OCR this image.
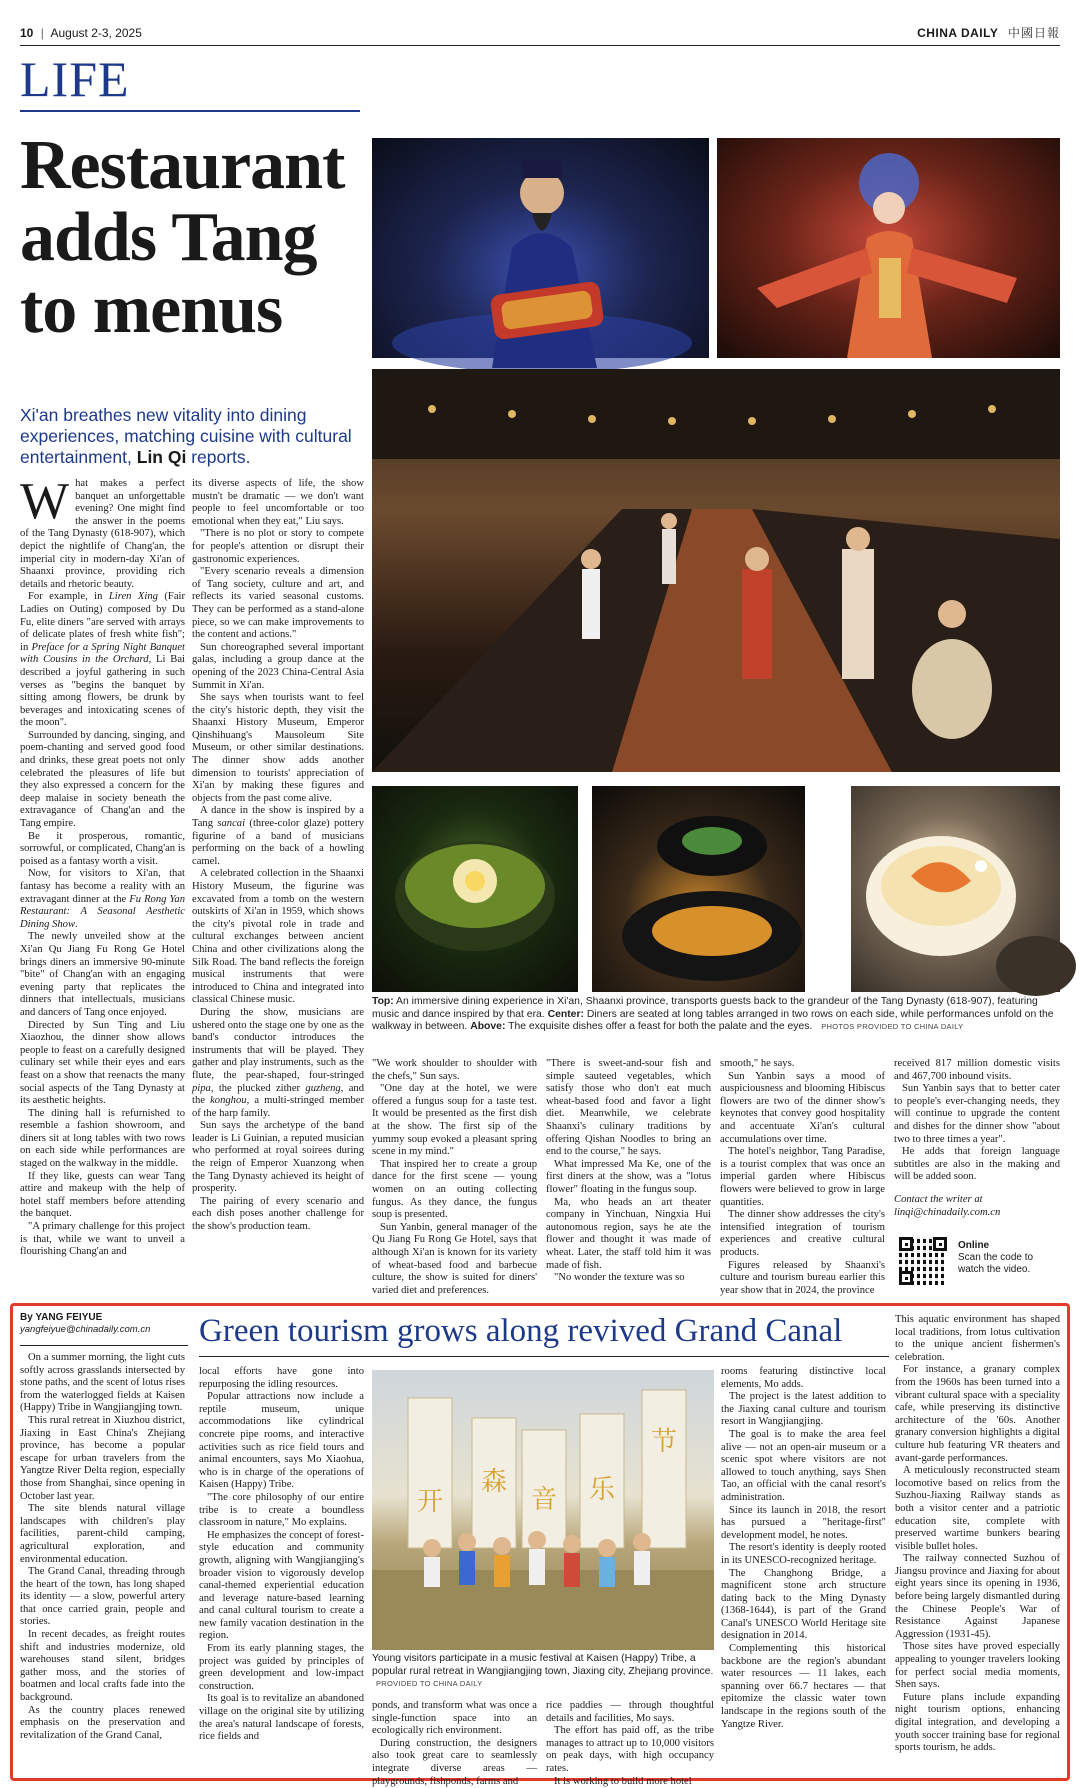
10 | August 2-3, 2025	CHINA DAILY 中國日報
LIFE
Restaurant adds Tang to menus
Xi'an breathes new vitality into dining experiences, matching cuisine with cultural entertainment, Lin Qi reports.

What makes a perfect banquet an unforgettable evening? One might find the answer in the poems of the Tang Dynasty (618-907), which depict the nightlife of Chang'an, the imperial city in modern-day Xi'an of Shaanxi province, providing rich details and rhetoric beauty.

For example, in Liren Xing (Fair Ladies on Outing) composed by Du Fu, elite diners "are served with arrays of delicate plates of fresh white fish"; in Preface for a Spring Night Banquet with Cousins in the Orchard, Li Bai described a joyful gathering in such verses as "begins the banquet by sitting among flowers, be drunk by beverages and intoxicating scenes of the moon".

Surrounded by dancing, singing, and poem-chanting and served good food and drinks, these great poets not only celebrated the pleasures of life but they also expressed a concern for the deep malaise in society beneath the extravagance of Chang'an and the Tang empire.

Be it prosperous, romantic, sorrowful, or complicated, Chang'an is poised as a fantasy worth a visit.

Now, for visitors to Xi'an, that fantasy has become a reality with an extravagant dinner at the Fu Rong Yan Restaurant: A Seasonal Aesthetic Dining Show.

The newly unveiled show at the Xi'an Qu Jiang Fu Rong Ge Hotel brings diners an immersive 90-minute "bite" of Chang'an with an engaging evening party that replicates the dinners that intellectuals, musicians and dancers of Tang once enjoyed.

Directed by Sun Ting and Liu Xiaozhou, the dinner show allows people to feast on a carefully designed culinary set while their eyes and ears feast on a show that reenacts the many social aspects of the Tang Dynasty at its aesthetic heights.

The dining hall is refurnished to resemble a fashion showroom, and diners sit at long tables with two rows on each side while performances are staged on the walkway in the middle.

If they like, guests can wear Tang attire and makeup with the help of hotel staff members before attending the banquet.

"A primary challenge for this project is that, while we want to unveil a flourishing Chang'an and

its diverse aspects of life, the show mustn't be dramatic — we don't want people to feel uncomfortable or too emotional when they eat," Liu says.

"There is no plot or story to compete for people's attention or disrupt their gastronomic experiences.

"Every scenario reveals a dimension of Tang society, culture and art, and reflects its varied seasonal customs. They can be performed as a stand-alone piece, so we can make improvements to the content and actions."

Sun choreographed several important galas, including a group dance at the opening of the 2023 China-Central Asia Summit in Xi'an.

She says when tourists want to feel the city's historic depth, they visit the Shaanxi History Museum, Emperor Qinshihuang's Mausoleum Site Museum, or other similar destinations. The dinner show adds another dimension to tourists' appreciation of Xi'an by making these figures and objects from the past come alive.

A dance in the show is inspired by a Tang sancai (three-color glaze) pottery figurine of a band of musicians performing on the back of a howling camel.

A celebrated collection in the Shaanxi History Museum, the figurine was excavated from a tomb on the western outskirts of Xi'an in 1959, which shows the city's pivotal role in trade and cultural exchanges between ancient China and other civilizations along the Silk Road. The band reflects the foreign musical instruments that were introduced to China and integrated into classical Chinese music.

During the show, musicians are ushered onto the stage one by one as the band's conductor introduces the instruments that will be played. They gather and play instruments, such as the flute, the pear-shaped, four-stringed pipa, the plucked zither guzheng, and the konghou, a multi-stringed member of the harp family.

Sun says the archetype of the band leader is Li Guinian, a reputed musician who performed at royal soirees during the reign of Emperor Xuanzong when the Tang Dynasty achieved its height of prosperity.

The pairing of every scenario and each dish poses another challenge for the show's production team.

Top: An immersive dining experience in Xi'an, Shaanxi province, transports guests back to the grandeur of the Tang Dynasty (618-907), featuring music and dance inspired by that era. Center: Diners are seated at long tables arranged in two rows on each side, while performances unfold on the walkway in between. Above: The exquisite dishes offer a feast for both the palate and the eyes. PHOTOS PROVIDED TO CHINA DAILY

"We work shoulder to shoulder with the chefs," Sun says.

"One day at the hotel, we were offered a fungus soup for a taste test. It would be presented as the first dish at the show. The first sip of the yummy soup evoked a pleasant spring scene in my mind."

That inspired her to create a group dance for the first scene — young women on an outing collecting fungus. As they dance, the fungus soup is presented.

Sun Yanbin, general manager of the Qu Jiang Fu Rong Ge Hotel, says that although Xi'an is known for its variety of wheat-based food and barbecue culture, the show is suited for diners' varied diet and preferences.

"There is sweet-and-sour fish and simple sauteed vegetables, which satisfy those who don't eat much wheat-based food and favor a light diet. Meanwhile, we celebrate Shaanxi's culinary traditions by offering Qishan Noodles to bring an end to the course," he says.

What impressed Ma Ke, one of the first diners at the show, was a "lotus flower" floating in the fungus soup.

Ma, who heads an art theater company in Yinchuan, Ningxia Hui autonomous region, says he ate the flower and thought it was made of wheat. Later, the staff told him it was made of fish.

"No wonder the texture was so

smooth," he says.

Sun Yanbin says a mood of auspiciousness and blooming Hibiscus flowers are two of the dinner show's keynotes that convey good hospitality and accentuate Xi'an's cultural accumulations over time.

The hotel's neighbor, Tang Paradise, is a tourist complex that was once an imperial garden where Hibiscus flowers were believed to grow in large quantities.

The dinner show addresses the city's intensified integration of tourism experiences and creative cultural products.

Figures released by Shaanxi's culture and tourism bureau earlier this year show that in 2024, the province

received 817 million domestic visits and 467,700 inbound visits.

Sun Yanbin says that to better cater to people's ever-changing needs, they will continue to upgrade the content and dishes for the dinner show "about two to three times a year".

He adds that foreign language subtitles are also in the making and will be added soon.

Contact the writer at
linqi@chinadaily.com.cn

Online
Scan the code to watch the video.
By YANG FEIYUE
yangfeiyue@chinadaily.com.cn	Green tourism grows along revived Grand Canal

On a summer morning, the light cuts softly across grasslands intersected by stone paths, and the scent of lotus rises from the waterlogged fields at Kaisen (Happy) Tribe in Wangjiangjing town.

This rural retreat in Xiuzhou district, Jiaxing in East China's Zhejiang province, has become a popular escape for urban travelers from the Yangtze River Delta region, especially those from Shanghai, since opening in October last year.

The site blends natural village landscapes with children's play facilities, parent-child camping, agricultural exploration, and environmental education.

The Grand Canal, threading through the heart of the town, has long shaped its identity — a slow, powerful artery that once carried grain, people and stories.

In recent decades, as freight routes shift and industries modernize, old warehouses stand silent, bridges gather moss, and the stories of boatmen and local crafts fade into the background.

As the country places renewed emphasis on the preservation and revitalization of the Grand Canal,

local efforts have gone into repurposing the idling resources.

Popular attractions now include a reptile museum, unique accommodations like cylindrical concrete pipe rooms, and interactive activities such as rice field tours and animal encounters, says Mo Xiaohua, who is in charge of the operations of Kaisen (Happy) Tribe.

"The core philosophy of our entire tribe is to create a boundless classroom in nature," Mo explains.

He emphasizes the concept of forest-style education and community growth, aligning with Wangjiangjing's broader vision to vigorously develop canal-themed experiential education and leverage nature-based learning and canal cultural tourism to create a new family vacation destination in the region.

From its early planning stages, the project was guided by principles of green development and low-impact construction.

Its goal is to revitalize an abandoned village on the original site by utilizing the area's natural landscape of forests, rice fields and

开
森
音 乐
节
Young visitors participate in a music festival at Kaisen (Happy) Tribe, a popular rural retreat in Wangjiangjing town, Jiaxing city, Zhejiang province. PROVIDED TO CHINA DAILY

ponds, and transform what was once a single-function space into an ecologically rich environment.

During construction, the designers also took great care to seamlessly integrate diverse areas — playgrounds, fishponds, farms and

rice paddies — through thoughtful details and facilities, Mo says.

The effort has paid off, as the tribe manages to attract up to 10,000 visitors on peak days, with high occupancy rates.

It is working to build more hotel

rooms featuring distinctive local elements, Mo adds.

The project is the latest addition to the Jiaxing canal culture and tourism resort in Wangjiangjing.

The goal is to make the area feel alive — not an open-air museum or a scenic spot where visitors are not allowed to touch anything, says Shen Tao, an official with the canal resort's administration.

Since its launch in 2018, the resort has pursued a "heritage-first" development model, he notes.

The resort's identity is deeply rooted in its UNESCO-recognized heritage.

The Changhong Bridge, a magnificent stone arch structure dating back to the Ming Dynasty (1368-1644), is part of the Grand Canal's UNESCO World Heritage site designation in 2014.

Complementing this historical backbone are the region's abundant water resources — 11 lakes, each spanning over 66.7 hectares — that epitomize the classic water town landscape in the regions south of the Yangtze River.

This aquatic environment has shaped local traditions, from lotus cultivation to the unique ancient fishermen's celebration.

For instance, a granary complex from the 1960s has been turned into a vibrant cultural space with a speciality cafe, while preserving its distinctive architecture of the '60s. Another granary conversion highlights a digital culture hub featuring VR theaters and avant-garde performances.

A meticulously reconstructed steam locomotive based on relics from the Suzhou-Jiaxing Railway stands as both a visitor center and a patriotic education site, complete with preserved wartime bunkers bearing visible bullet holes.

The railway connected Suzhou of Jiangsu province and Jiaxing for about eight years since its opening in 1936, before being largely dismantled during the Chinese People's War of Resistance Against Japanese Aggression (1931-45).

Those sites have proved especially appealing to younger travelers looking for perfect social media moments, Shen says.

Future plans include expanding night tourism options, enhancing digital integration, and developing a youth soccer training base for regional sports tourism, he adds.
